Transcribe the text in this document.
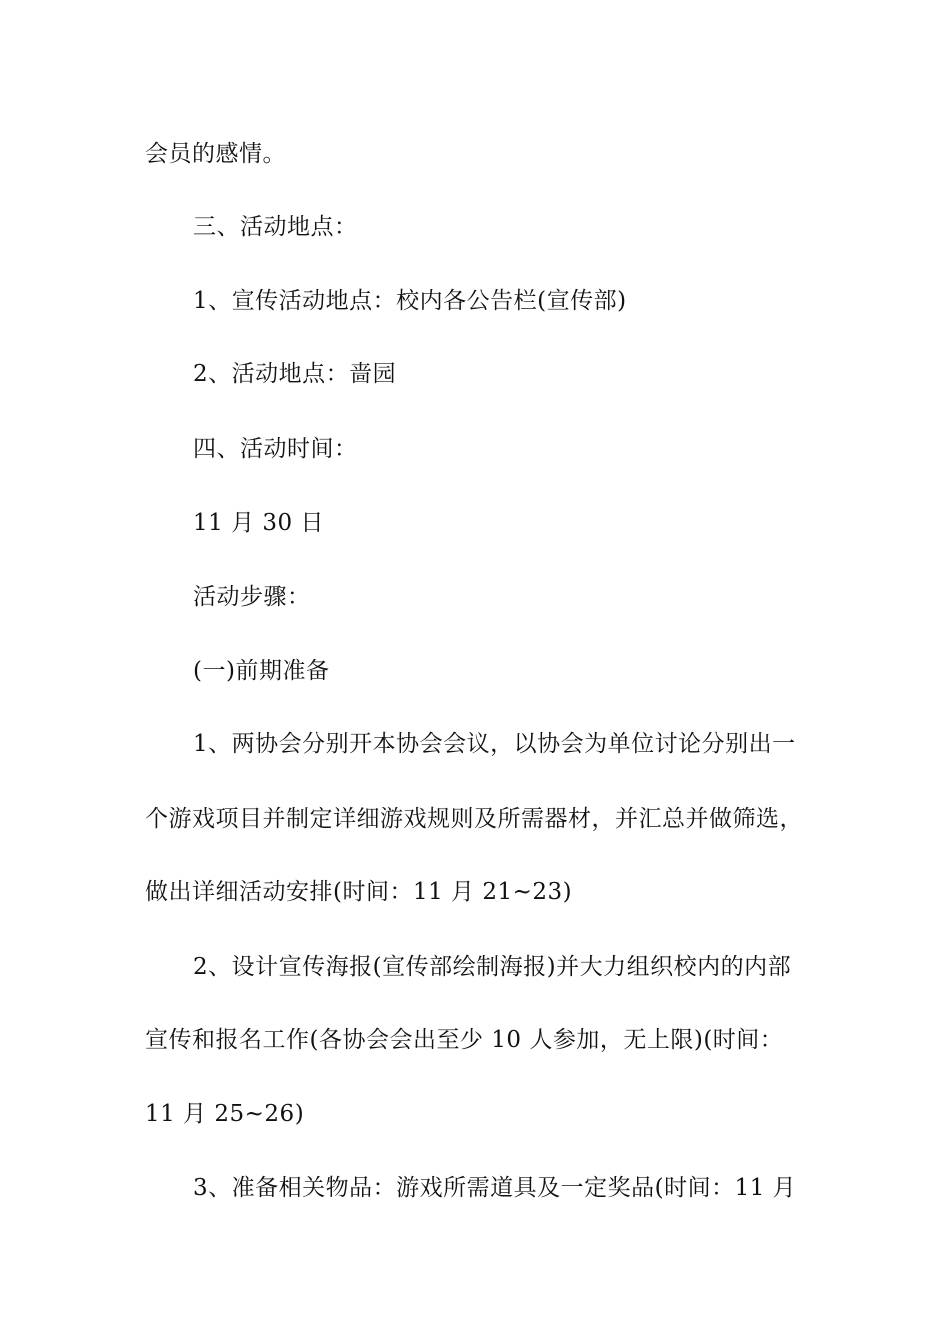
会员的感情。
三、活动地点：
1、宣传活动地点：校内各公告栏(宣传部)
2、活动地点：啬园
四、活动时间：
11 月 30 日
活动步骤：
(一)前期准备
1、两协会分别开本协会会议，以协会为单位讨论分别出一
个游戏项目并制定详细游戏规则及所需器材，并汇总并做筛选，
做出详细活动安排(时间：11 月 21~23)
2、设计宣传海报(宣传部绘制海报)并大力组织校内的内部
宣传和报名工作(各协会会出至少 10 人参加，无上限)(时间：
11 月 25~26)
3、准备相关物品：游戏所需道具及一定奖品(时间：11 月
